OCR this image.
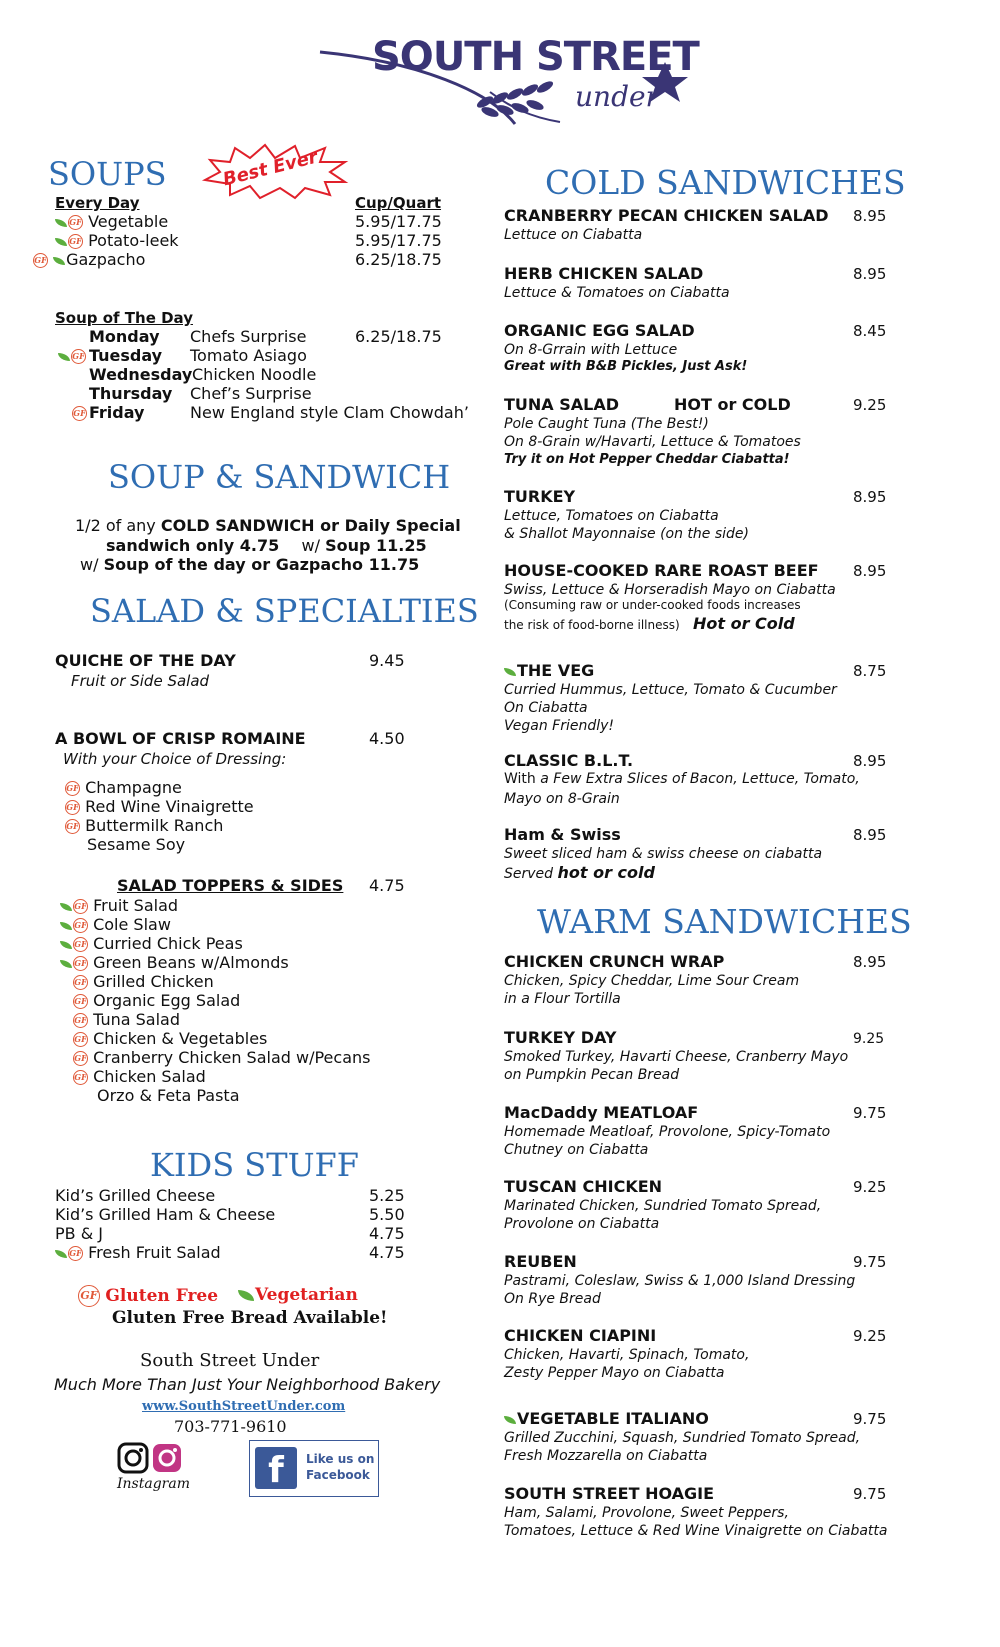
SOUTH STREET
under
SOUPS	Best Ever
Every Day	Cup/Quart
GF Vegetable	5.95/17.75
GF Potato-leek	5.95/17.75
GF Gazpacho	6.25/18.75
Soup of The Day
Monday Chefs Surprise	6.25/18.75
GF Tuesday Tomato Asiago
Wednesday Chicken Noodle
Thursday Chef’s Surprise
GF Friday	New England style Clam Chowdah’
SOUP & SANDWICH
1/2 of any COLD SANDWICH or Daily Special
sandwich only 4.75 w/ Soup 11.25
w/ Soup of the day or Gazpacho 11.75
SALAD & SPECIALTIES
QUICHE OF THE DAY	9.45
Fruit or Side Salad
A BOWL OF CRISP ROMAINE	4.50
With your Choice of Dressing:
GF Champagne
GF Red Wine Vinaigrette
GF Buttermilk Ranch
Sesame Soy
SALAD TOPPERS & SIDES 4.75
GF Fruit Salad
GF Cole Slaw
GF Curried Chick Peas
GF Green Beans w/Almonds
GF Grilled Chicken
GF Organic Egg Salad
GF Tuna Salad
GF Chicken & Vegetables
GF Cranberry Chicken Salad w/Pecans
GF Chicken Salad
Orzo & Feta Pasta
KIDS STUFF
Kid’s Grilled Cheese	5.25
Kid’s Grilled Ham & Cheese	5.50
PB & J	4.75
GF Fresh Fruit Salad	4.75
GF Gluten Free	Vegetarian
Gluten Free Bread Available!
South Street Under
Much More Than Just Your Neighborhood Bakery
www.SouthStreetUnder.com
703-771-9610
Instagram	f	Like us on
Facebook
COLD SANDWICHES
CRANBERRY PECAN CHICKEN SALAD 8.95
Lettuce on Ciabatta
HERB CHICKEN SALAD	8.95
Lettuce & Tomatoes on Ciabatta
ORGANIC EGG SALAD	8.45
On 8-Grrain with Lettuce
Great with B&B Pickles, Just Ask!
TUNA SALAD	HOT or COLD	9.25
Pole Caught Tuna (The Best!)
On 8-Grain w/Havarti, Lettuce & Tomatoes
Try it on Hot Pepper Cheddar Ciabatta!
TURKEY	8.95
Lettuce, Tomatoes on Ciabatta
& Shallot Mayonnaise (on the side)
HOUSE-COOKED RARE ROAST BEEF 8.95
Swiss, Lettuce & Horseradish Mayo on Ciabatta
(Consuming raw or under-cooked foods increases
the risk of food-borne illness) Hot or Cold
THE VEG	8.75
Curried Hummus, Lettuce, Tomato & Cucumber
On Ciabatta
Vegan Friendly!
CLASSIC B.L.T.	8.95
With a Few Extra Slices of Bacon, Lettuce, Tomato,
Mayo on 8-Grain
Ham & Swiss	8.95
Sweet sliced ham & swiss cheese on ciabatta
Served hot or cold
WARM SANDWICHES
CHICKEN CRUNCH WRAP	8.95
Chicken, Spicy Cheddar, Lime Sour Cream
in a Flour Tortilla
TURKEY DAY	9.25
Smoked Turkey, Havarti Cheese, Cranberry Mayo
on Pumpkin Pecan Bread
MacDaddy MEATLOAF	9.75
Homemade Meatloaf, Provolone, Spicy-Tomato
Chutney on Ciabatta
TUSCAN CHICKEN	9.25
Marinated Chicken, Sundried Tomato Spread,
Provolone on Ciabatta
REUBEN	9.75
Pastrami, Coleslaw, Swiss & 1,000 Island Dressing
On Rye Bread
CHICKEN CIAPINI	9.25
Chicken, Havarti, Spinach, Tomato,
Zesty Pepper Mayo on Ciabatta
VEGETABLE ITALIANO	9.75
Grilled Zucchini, Squash, Sundried Tomato Spread,
Fresh Mozzarella on Ciabatta
SOUTH STREET HOAGIE	9.75
Ham, Salami, Provolone, Sweet Peppers,
Tomatoes, Lettuce & Red Wine Vinaigrette on Ciabatta
